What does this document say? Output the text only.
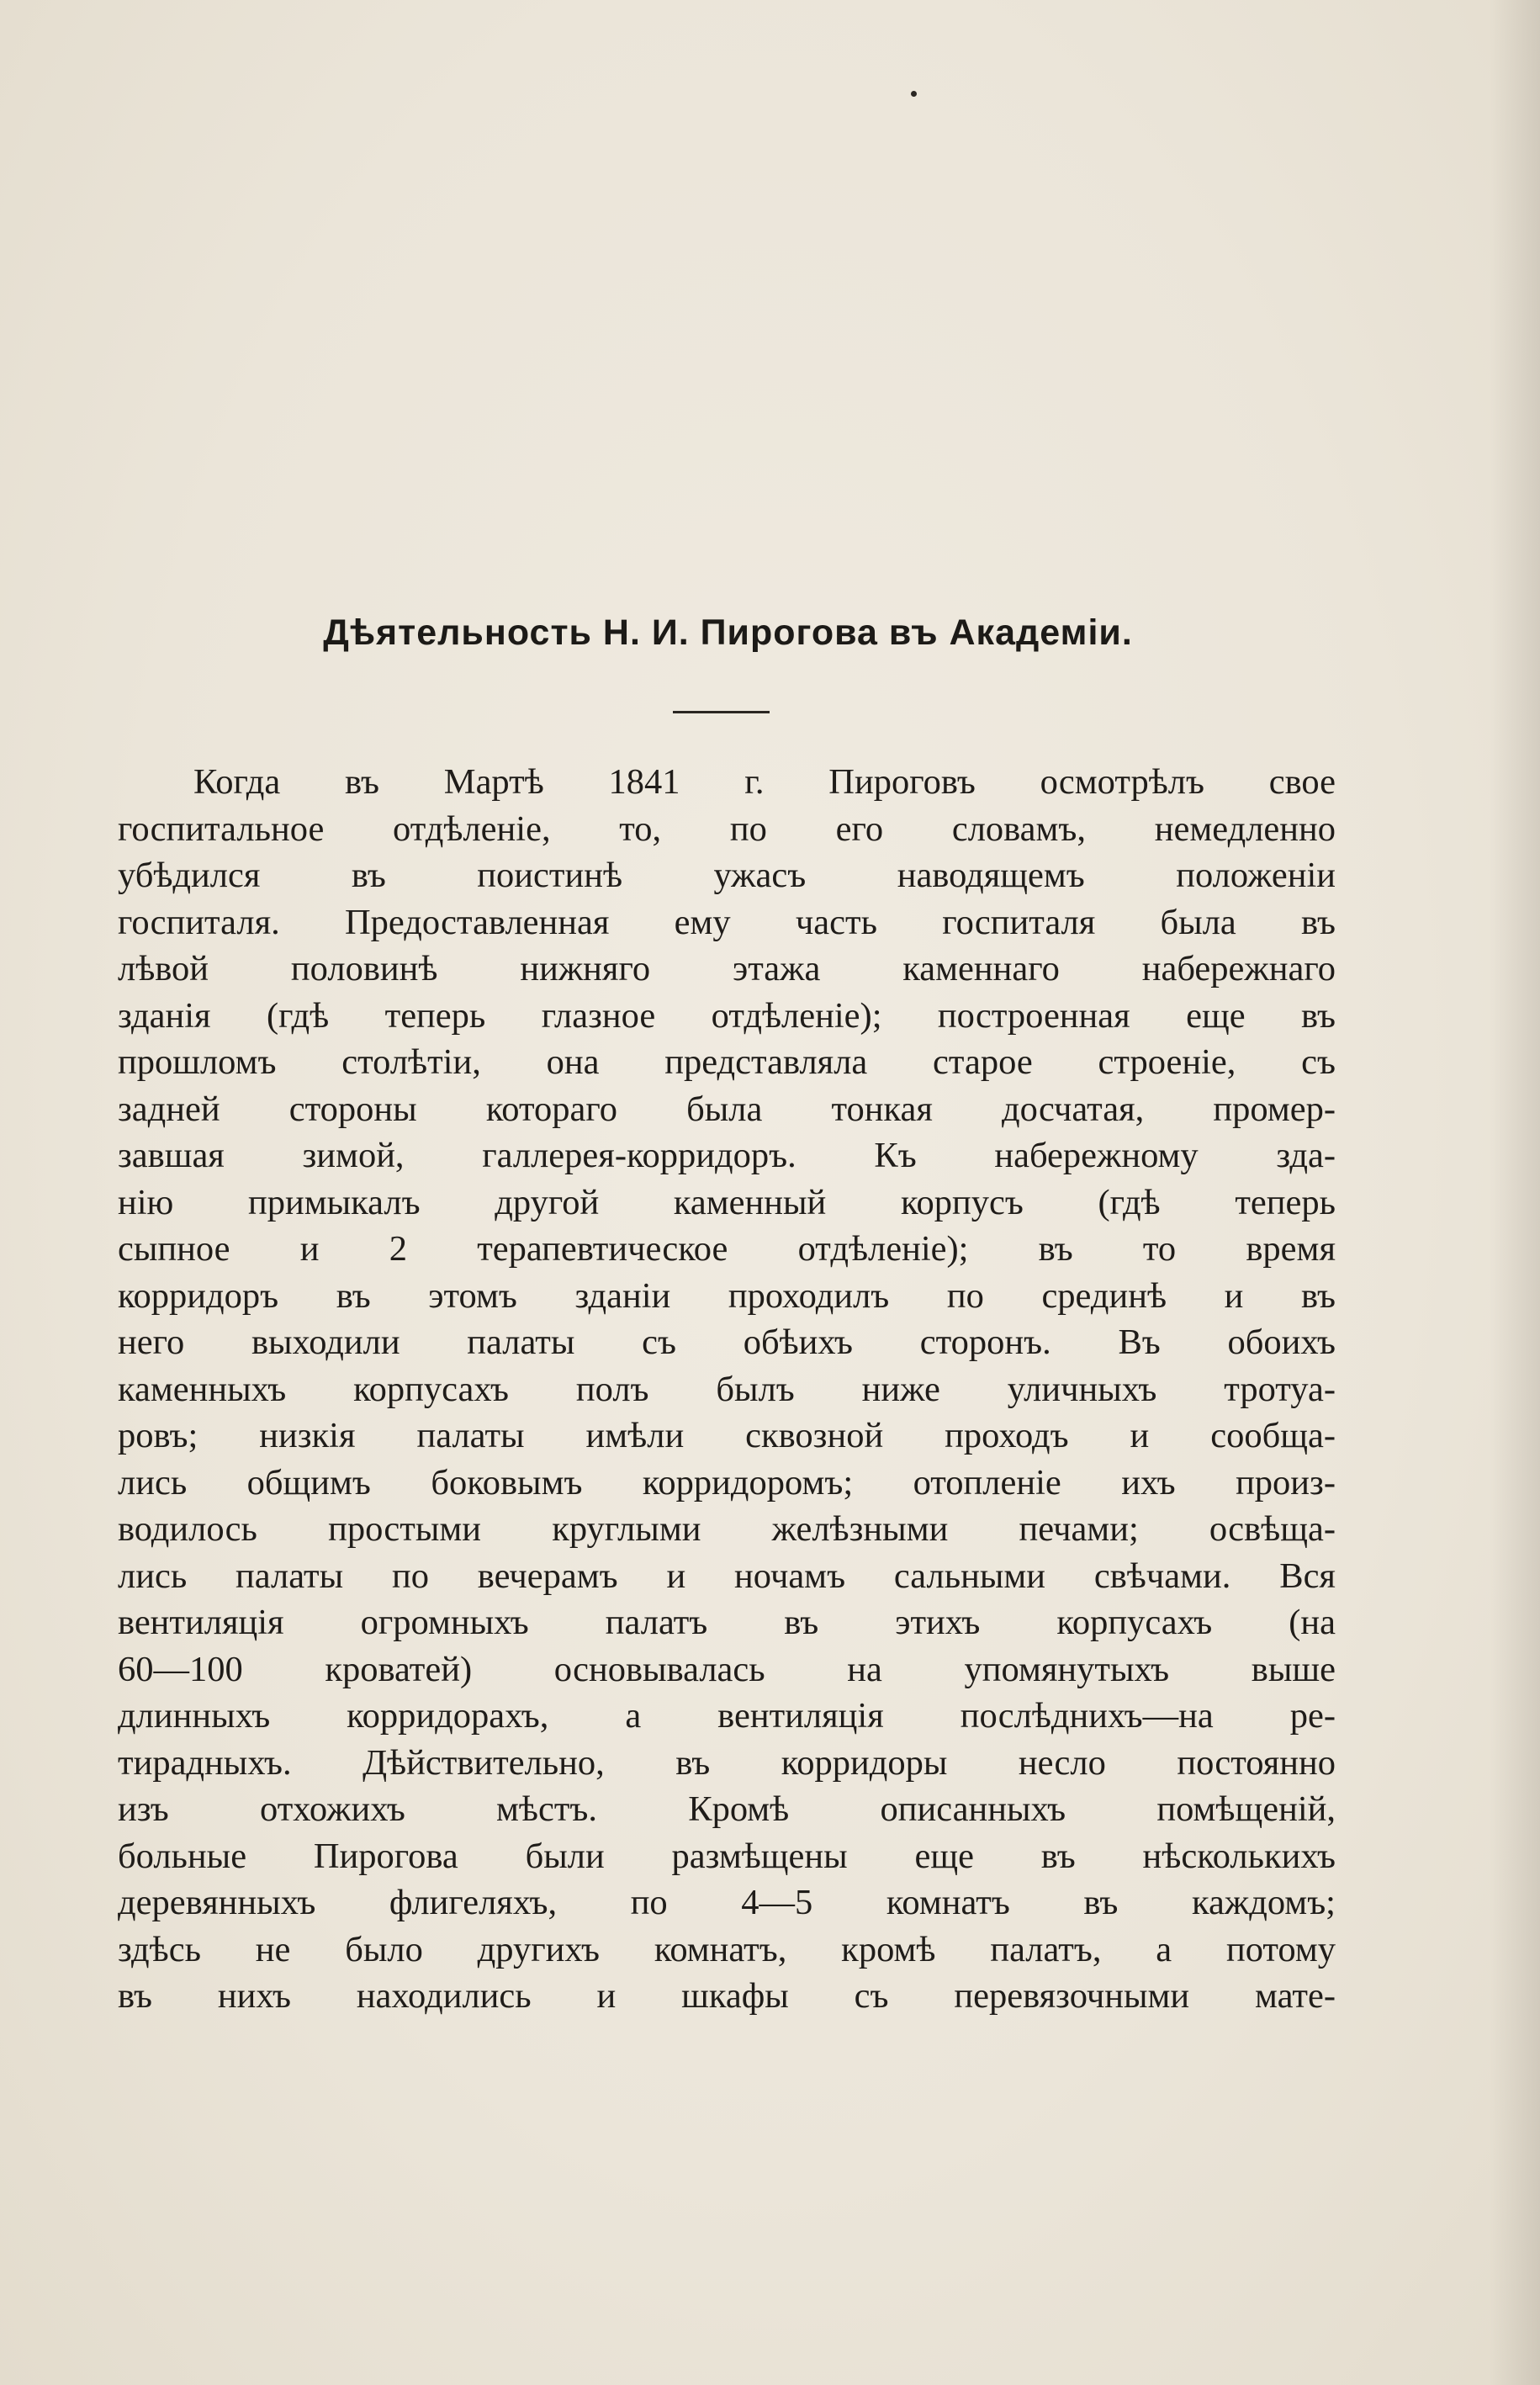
Дѣятельность Н. И. Пирогова въ Академіи.
Когда въ Мартѣ 1841 г. Пироговъ осмотрѣлъ свое
госпитальное отдѣленіе, то, по его словамъ, немедленно
убѣдился въ поистинѣ ужасъ наводящемъ положеніи
госпиталя. Предоставленная ему часть госпиталя была въ
лѣвой половинѣ нижняго этажа каменнаго набережнаго
зданія (гдѣ теперь глазное отдѣленіе); построенная еще въ
прошломъ столѣтіи, она представляла старое строеніе, съ
задней стороны котораго была тонкая досчатая, промер-
завшая зимой, галлерея-корридоръ. Къ набережному зда-
нію примыкалъ другой каменный корпусъ (гдѣ теперь
сыпное и 2 терапевтическое отдѣленіе); въ то время
корридоръ въ этомъ зданіи проходилъ по срединѣ и въ
него выходили палаты съ обѣихъ сторонъ. Въ обоихъ
каменныхъ корпусахъ полъ былъ ниже уличныхъ тротуа-
ровъ; низкія палаты имѣли сквозной проходъ и сообща-
лись общимъ боковымъ корридоромъ; отопленіе ихъ произ-
водилось простыми круглыми желѣзными печами; освѣща-
лись палаты по вечерамъ и ночамъ сальными свѣчами. Вся
вентиляція огромныхъ палатъ въ этихъ корпусахъ (на
60—100 кроватей) основывалась на упомянутыхъ выше
длинныхъ корридорахъ, а вентиляція послѣднихъ—на ре-
тирадныхъ. Дѣйствительно, въ корридоры несло постоянно
изъ отхожихъ мѣстъ. Кромѣ описанныхъ помѣщеній,
больные Пирогова были размѣщены еще въ нѣсколькихъ
деревянныхъ флигеляхъ, по 4—5 комнатъ въ каждомъ;
здѣсь не было другихъ комнатъ, кромѣ палатъ, а потому
въ нихъ находились и шкафы съ перевязочными мате-
